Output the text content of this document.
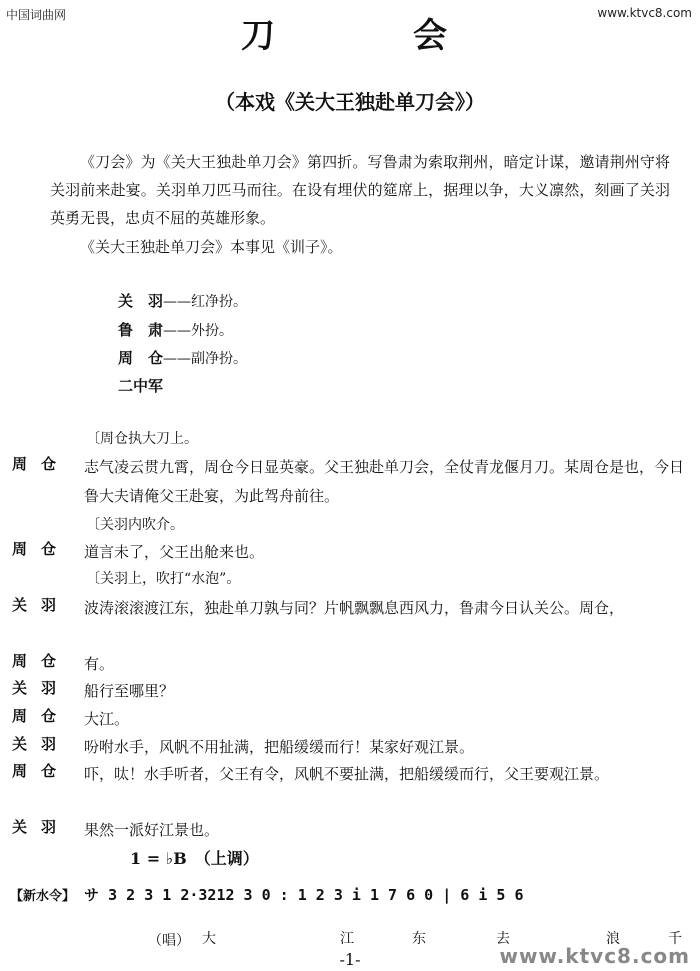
中国词曲网	www.ktvc8.com
刀　会
（本戏《关大王独赴单刀会》）
《刀会》为《关大王独赴单刀会》第四折。写鲁肃为索取荆州，暗定计谋，邀请荆州守将关羽前来赴宴。关羽单刀匹马而往。在设有埋伏的筵席上，据理以争，大义凛然，刻画了关羽英勇无畏，忠贞不屈的英雄形象。
《关大王独赴单刀会》本事见《训子》。
关　羽——红净扮。
鲁　肃——外扮。
周　仓——副净扮。
二中军
〔周仓执大刀上。
周仓 志气凌云贯九霄，周仓今日显英豪。父王独赴单刀会，全仗青龙偃月刀。某周仓是也，今日鲁大夫请俺父王赴宴，为此驾舟前往。
〔关羽内吹介。
周仓 道言未了，父王出舱来也。
〔关羽上，吹打“水泡”。
关羽 波涛滚滚渡江东，独赴单刀孰与同？片帆飘飘息西风力，鲁肃今日认关公。周仓，
周仓 有。
关羽 船行至哪里？
周仓 大江。
关羽 吩咐水手，风帆不用扯满，把船缓缓而行！某家好观江景。
周仓 吓，呔！水手听者，父王有令，风帆不要扯满，把船缓缓而行，父王要观江景。
关羽 果然一派好江景也。
1 = ♭B　（上调）
【新水令】 サ 3 2 3 1 2·3212 3 0 : 1 2 3 i 1 7 6 0 | 6 i 5 6
（唱） 大	江	东	去	浪	千
-1-	www.ktvc8.com
